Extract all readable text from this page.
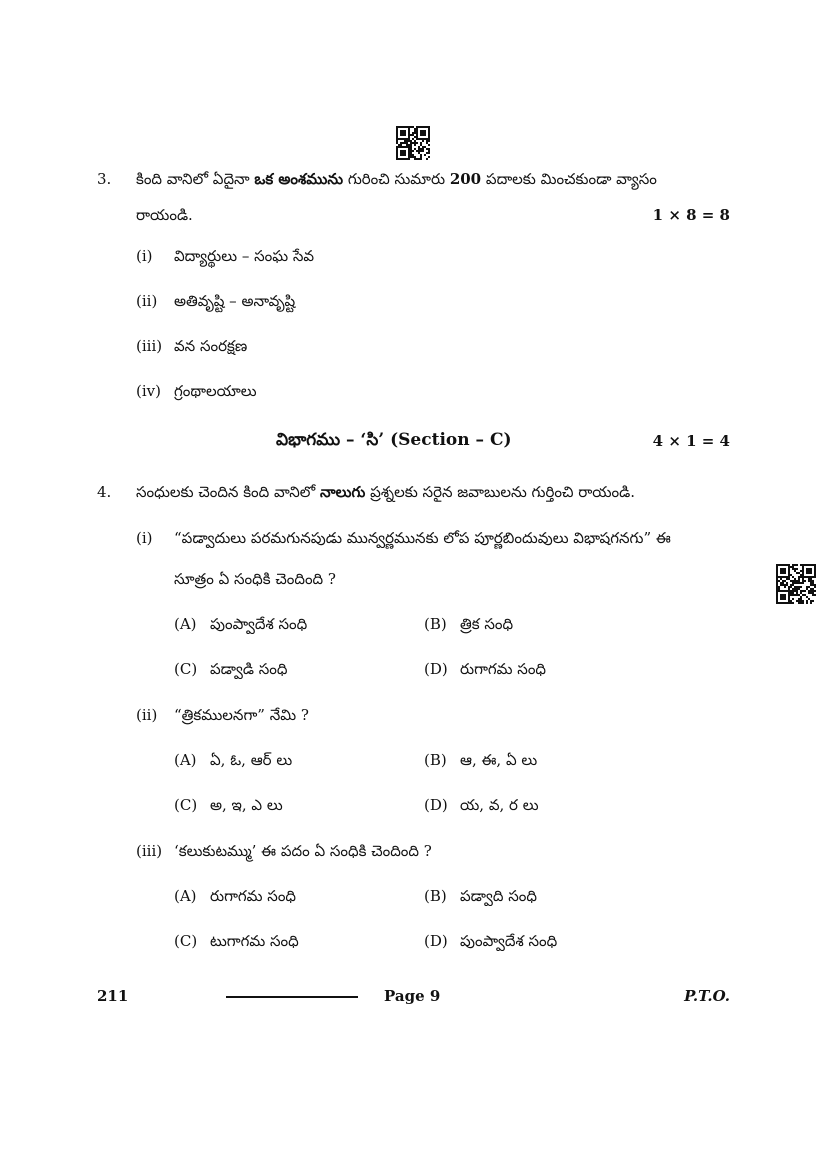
3. కింది వానిలో ఏదైనా ఒక అంశమును గురించి సుమారు 200 పదాలకు మించకుండా వ్యాసం
రాయండి.	1 × 8 = 8
(i) విద్యార్థులు – సంఘ సేవ
(ii) అతివృష్టి – అనావృష్టి
(iii) వన సంరక్షణ
(iv) గ్రంథాలయాలు
విభాగము – ‘సి’ (Section – C)	4 × 1 = 4
4. సంధులకు చెందిన కింది వానిలో నాలుగు ప్రశ్నలకు సరైన జవాబులను గుర్తించి రాయండి.
(i) “పడ్వాదులు పరమగునపుడు మున్వర్ణమునకు లోప పూర్ణబిందువులు విభాషగనగు” ఈ
సూత్రం ఏ సంధికి చెందింది ?
(A) పుంప్వాదేశ సంధి	(B) త్రిక సంధి
(C) పడ్వాడి సంధి	(D) రుగాగమ సంధి
(ii) “త్రికములనగా” నేమి ?
(A) ఏ, ఓ, ఆర్ లు	(B) ఆ, ఈ, ఏ లు
(C) అ, ఇ, ఎ లు	(D) య, వ, ర లు
(iii) ‘కలుకుటమ్ము’ ఈ పదం ఏ సంధికి చెందింది ?
(A) రుగాగమ సంధి	(B) పడ్వాది సంధి
(C) టుగాగమ సంధి	(D) పుంప్వాదేశ సంధి
211	Page 9	P.T.O.
